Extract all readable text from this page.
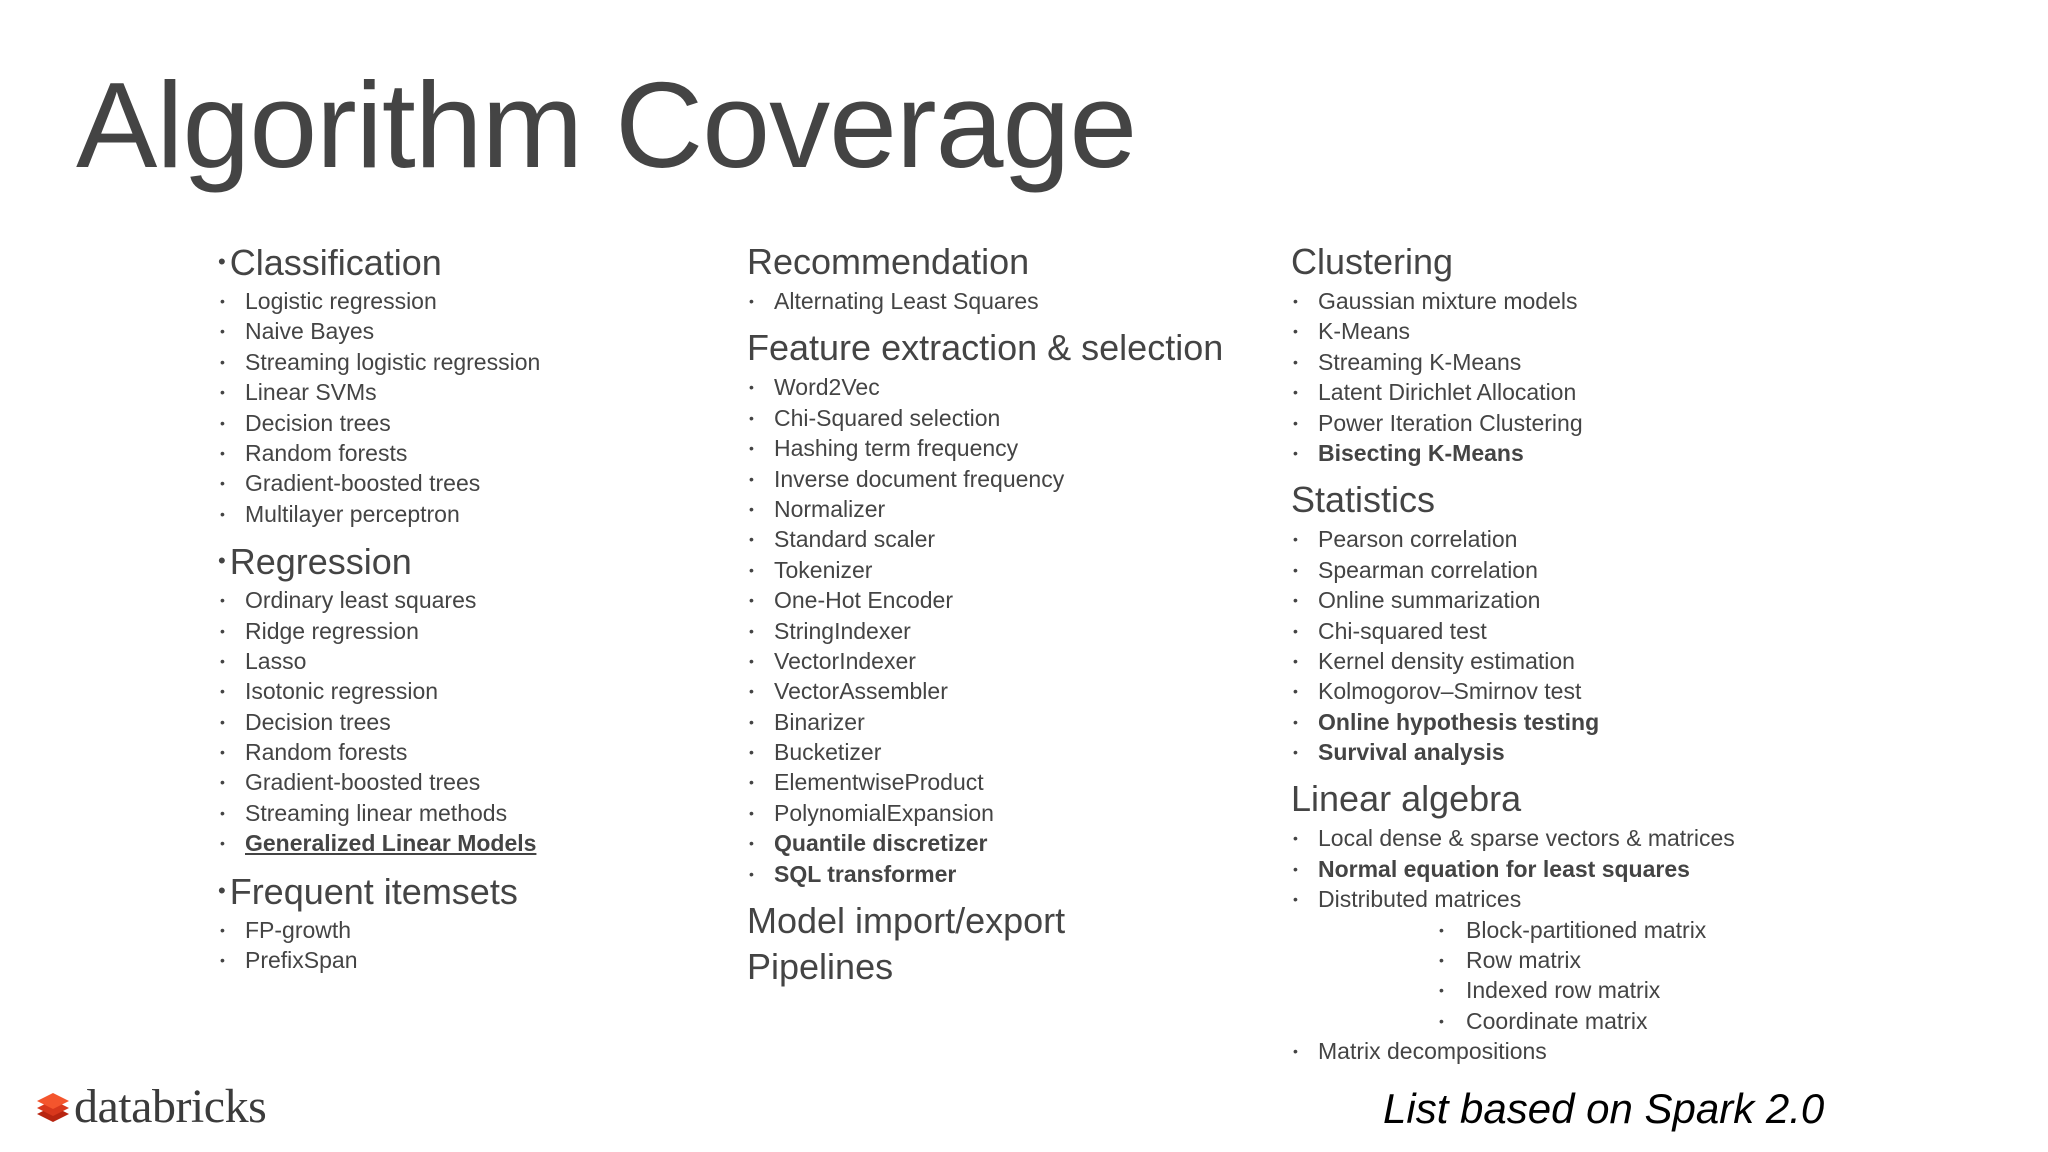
Algorithm Coverage
• Classification
• Logistic regression
• Naive Bayes
• Streaming logistic regression
• Linear SVMs
• Decision trees
• Random forests
• Gradient-boosted trees
• Multilayer perceptron
• Regression
• Ordinary least squares
• Ridge regression
• Lasso
• Isotonic regression
• Decision trees
• Random forests
• Gradient-boosted trees
• Streaming linear methods
• Generalized Linear Models
• Frequent itemsets
• FP-growth
• PrefixSpan
Recommendation
• Alternating Least Squares
Feature extraction & selection
• Word2Vec
• Chi-Squared selection
• Hashing term frequency
• Inverse document frequency
• Normalizer
• Standard scaler
• Tokenizer
• One-Hot Encoder
• StringIndexer
• VectorIndexer
• VectorAssembler
• Binarizer
• Bucketizer
• ElementwiseProduct
• PolynomialExpansion
• Quantile discretizer
• SQL transformer
Model import/export
Pipelines
Clustering
• Gaussian mixture models
• K-Means
• Streaming K-Means
• Latent Dirichlet Allocation
• Power Iteration Clustering
• Bisecting K-Means
Statistics
• Pearson correlation
• Spearman correlation
• Online summarization
• Chi-squared test
• Kernel density estimation
• Kolmogorov–Smirnov test
• Online hypothesis testing
• Survival analysis
Linear algebra
• Local dense & sparse vectors & matrices
• Normal equation for least squares
• Distributed matrices
• Block-partitioned matrix
• Row matrix
• Indexed row matrix
• Coordinate matrix
• Matrix decompositions
databricks	List based on Spark 2.0
